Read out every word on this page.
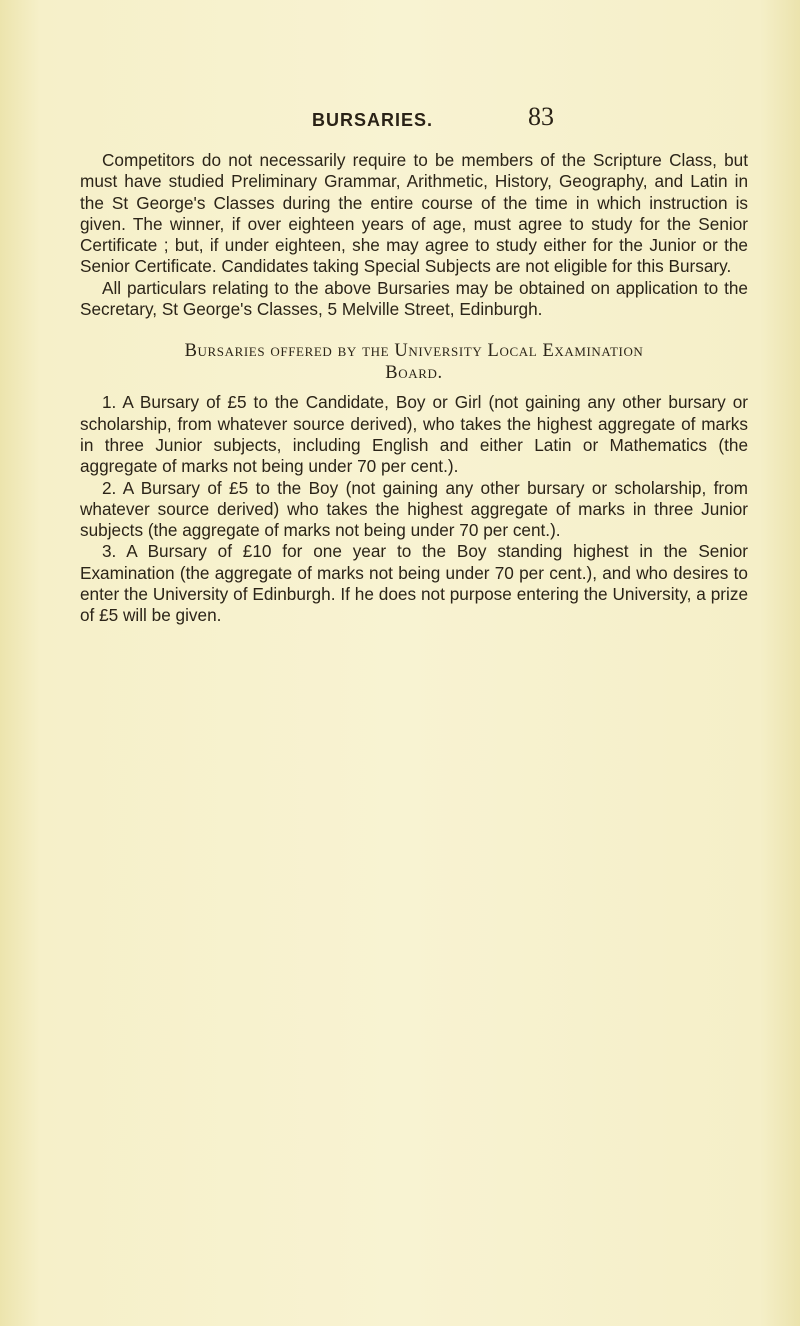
BURSARIES.	83

Competitors do not necessarily require to be members of the Scripture Class, but must have studied Preliminary Grammar, Arithmetic, History, Geography, and Latin in the St George's Classes during the entire course of the time in which instruction is given. The winner, if over eighteen years of age, must agree to study for the Senior Certificate ; but, if under eighteen, she may agree to study either for the Junior or the Senior Certificate. Candidates taking Special Subjects are not eligible for this Bursary.

All particulars relating to the above Bursaries may be obtained on application to the Secretary, St George's Classes, 5 Melville Street, Edinburgh.

Bursaries offered by the University Local Examination
Board.

1. A Bursary of £5 to the Candidate, Boy or Girl (not gaining any other bursary or scholarship, from whatever source derived), who takes the highest aggregate of marks in three Junior subjects, including English and either Latin or Mathematics (the aggregate of marks not being under 70 per cent.).

2. A Bursary of £5 to the Boy (not gaining any other bursary or scholarship, from whatever source derived) who takes the highest aggregate of marks in three Junior subjects (the aggregate of marks not being under 70 per cent.).

3. A Bursary of £10 for one year to the Boy standing highest in the Senior Examination (the aggregate of marks not being under 70 per cent.), and who desires to enter the University of Edinburgh. If he does not purpose entering the University, a prize of £5 will be given.
